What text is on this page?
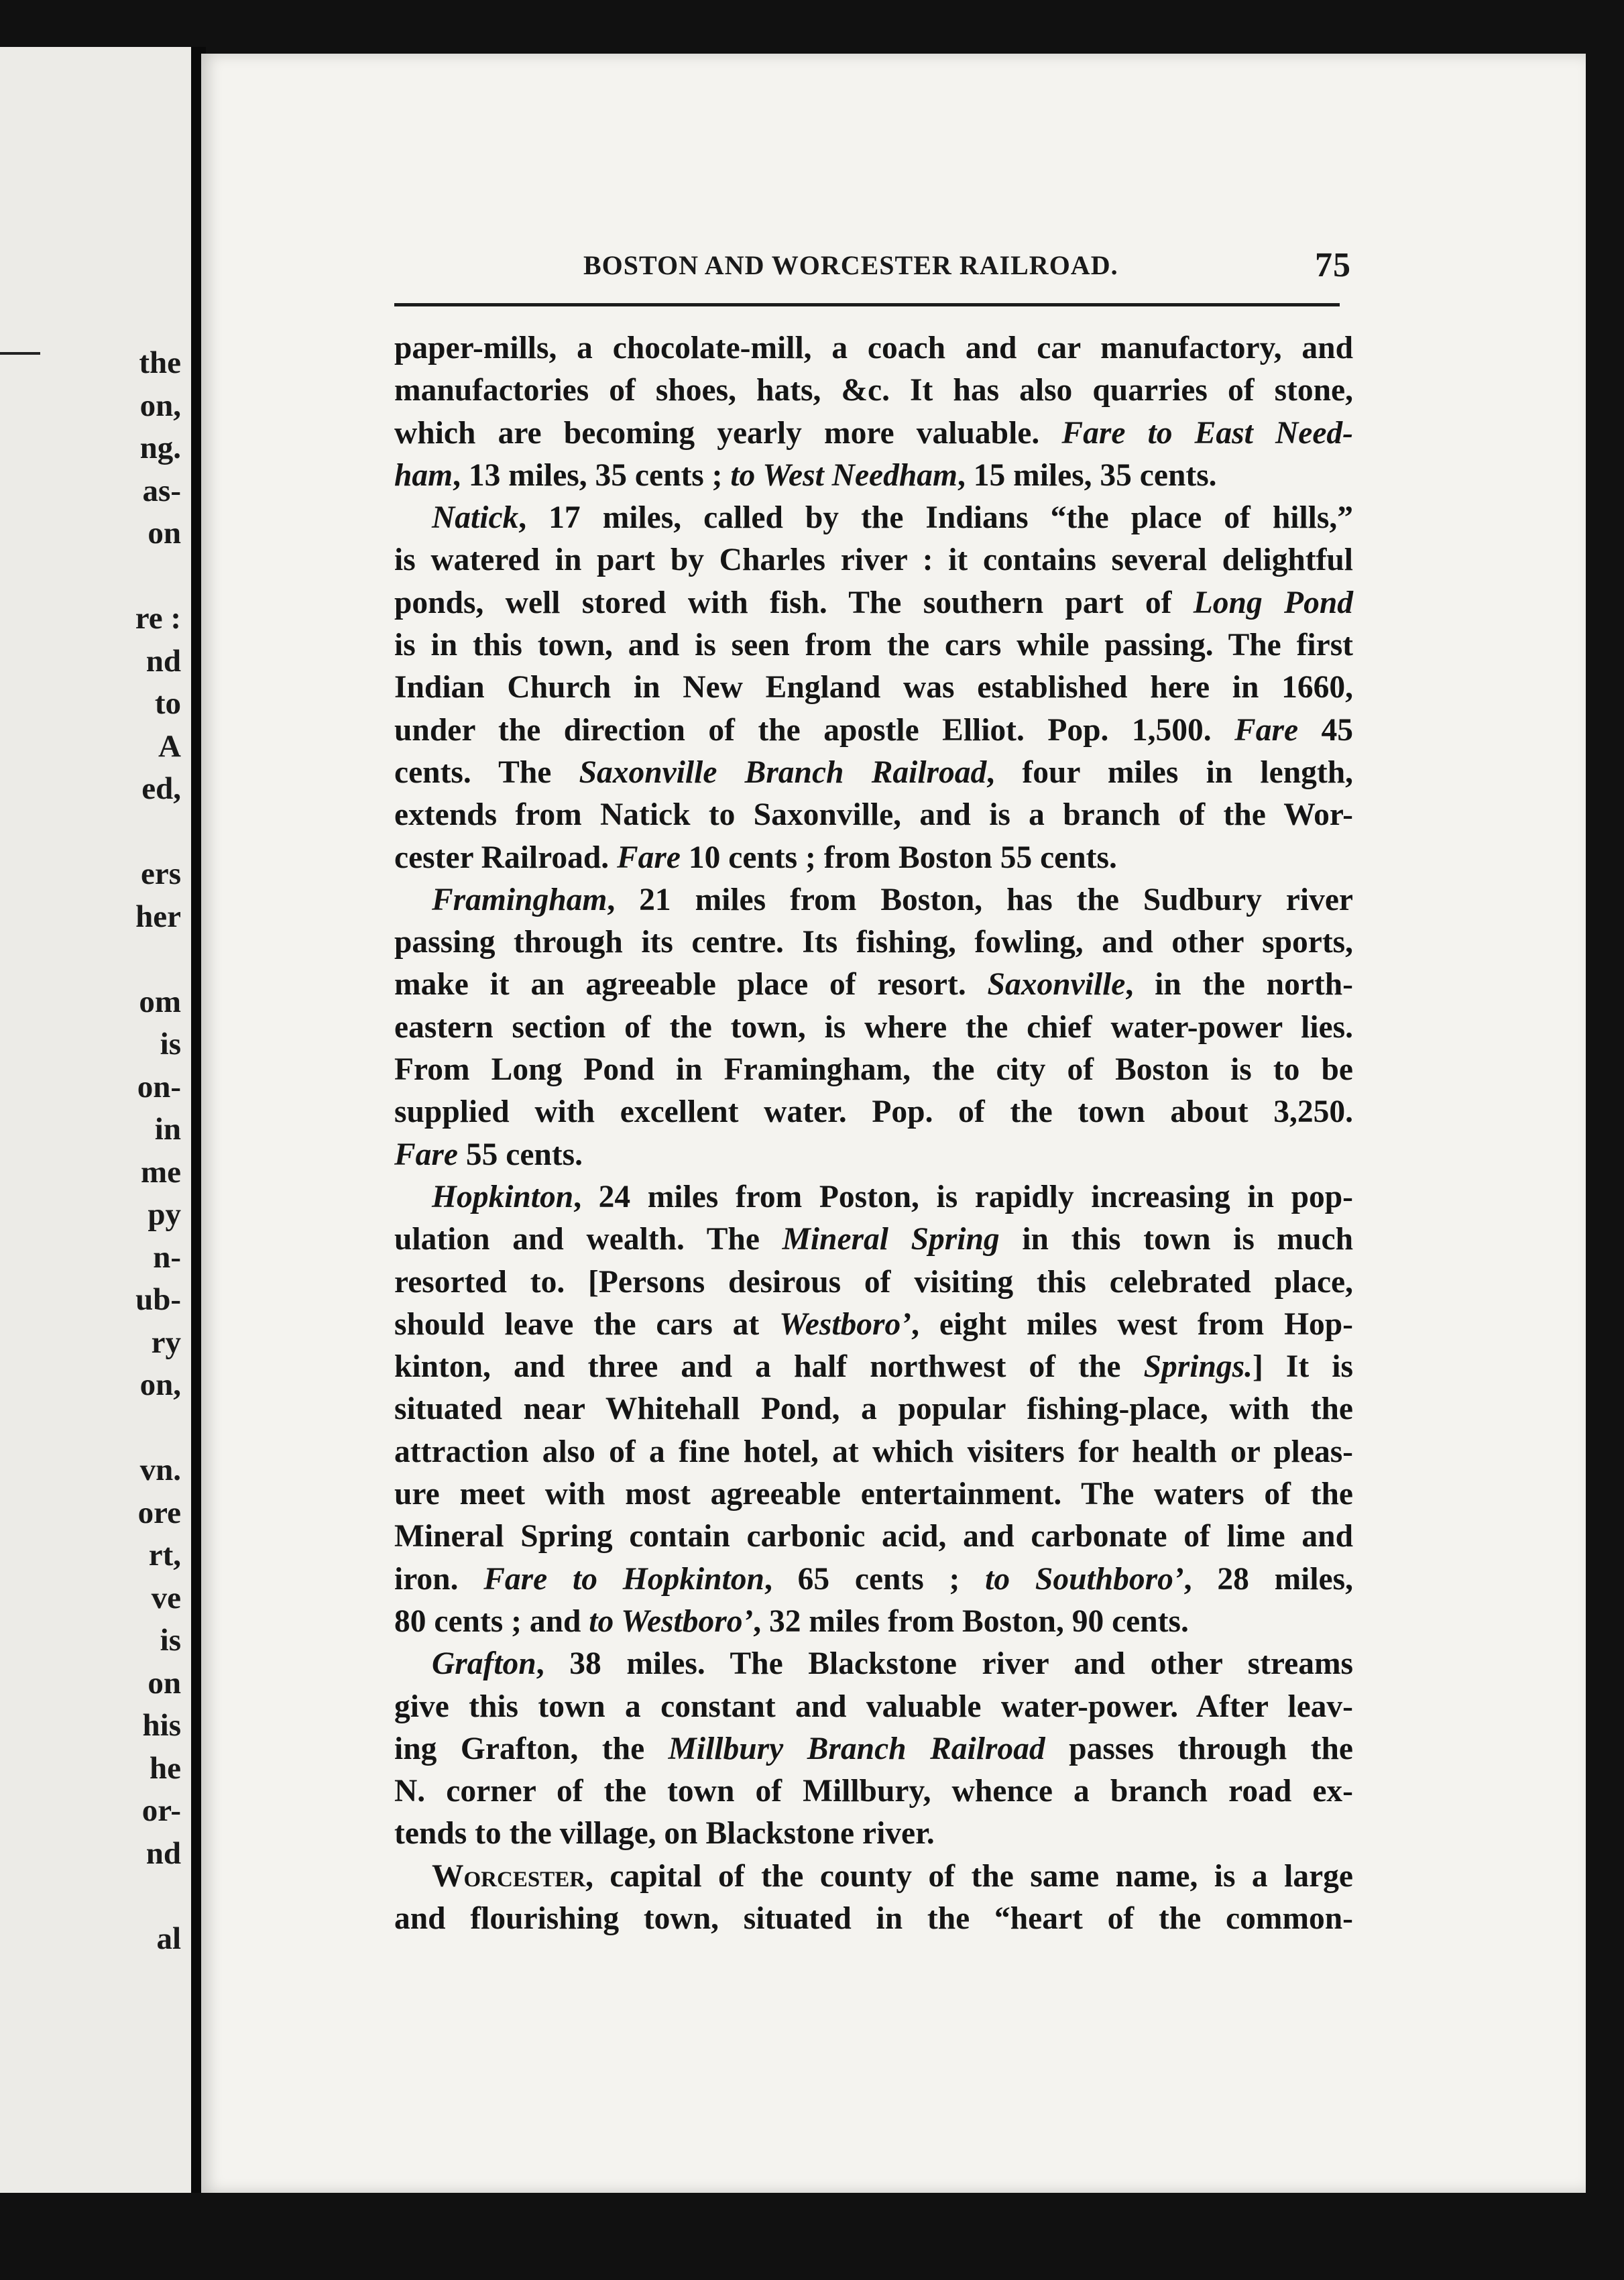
the
on,
ng.
as-
on
re :
nd
to
A
ed,
ers
her
om
is
on-
in
me
py
n-
ub-
ry
on,
vn.
ore
rt,
ve
is
on
his
he
or-
nd
al
BOSTON AND WORCESTER RAILROAD.	75
paper-mills, a chocolate-mill, a coach and car manufactory, and
manufactories of shoes, hats, &c. It has also quarries of stone,
which are becoming yearly more valuable. Fare to East Need-
ham, 13 miles, 35 cents ; to West Needham, 15 miles, 35 cents.
Natick, 17 miles, called by the Indians “the place of hills,”
is watered in part by Charles river : it contains several delightful
ponds, well stored with fish. The southern part of Long Pond
is in this town, and is seen from the cars while passing. The first
Indian Church in New England was established here in 1660,
under the direction of the apostle Elliot. Pop. 1,500. Fare 45
cents. The Saxonville Branch Railroad, four miles in length,
extends from Natick to Saxonville, and is a branch of the Wor-
cester Railroad. Fare 10 cents ; from Boston 55 cents.
Framingham, 21 miles from Boston, has the Sudbury river
passing through its centre. Its fishing, fowling, and other sports,
make it an agreeable place of resort. Saxonville, in the north-
eastern section of the town, is where the chief water-power lies.
From Long Pond in Framingham, the city of Boston is to be
supplied with excellent water. Pop. of the town about 3,250.
Fare 55 cents.
Hopkinton, 24 miles from Poston, is rapidly increasing in pop-
ulation and wealth. The Mineral Spring in this town is much
resorted to. [Persons desirous of visiting this celebrated place,
should leave the cars at Westboro’, eight miles west from Hop-
kinton, and three and a half northwest of the Springs.] It is
situated near Whitehall Pond, a popular fishing-place, with the
attraction also of a fine hotel, at which visiters for health or pleas-
ure meet with most agreeable entertainment. The waters of the
Mineral Spring contain carbonic acid, and carbonate of lime and
iron. Fare to Hopkinton, 65 cents ; to Southboro’, 28 miles,
80 cents ; and to Westboro’, 32 miles from Boston, 90 cents.
Grafton, 38 miles. The Blackstone river and other streams
give this town a constant and valuable water-power. After leav-
ing Grafton, the Millbury Branch Railroad passes through the
N. corner of the town of Millbury, whence a branch road ex-
tends to the village, on Blackstone river.
Worcester, capital of the county of the same name, is a large
and flourishing town, situated in the “heart of the common-
